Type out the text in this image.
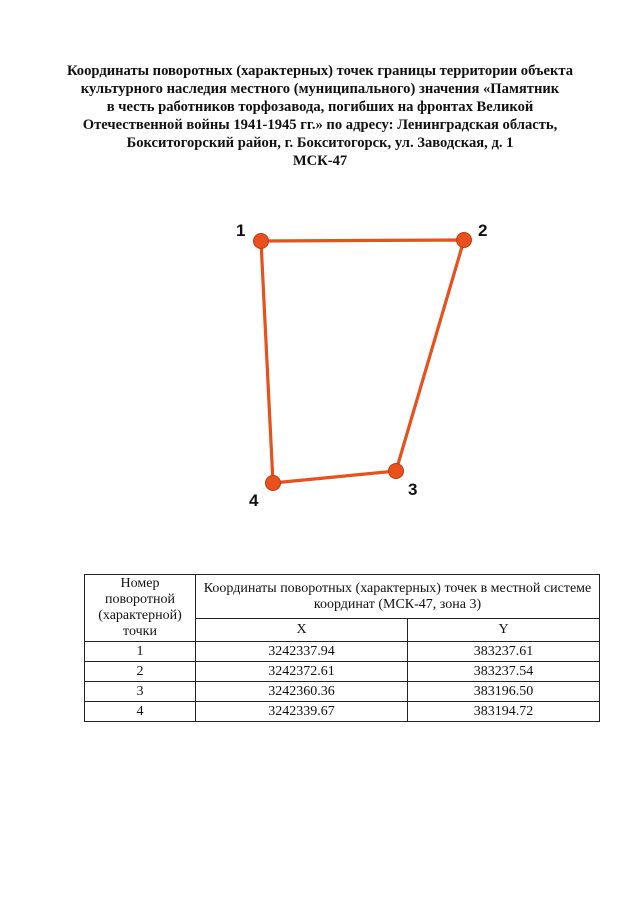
Координаты поворотных (характерных) точек границы территории объекта
культурного наследия местного (муниципального) значения «Памятник
в честь работников торфозавода, погибших на фронтах Великой
Отечественной войны 1941-1945 гг.» по адресу: Ленинградская область,
Бокситогорский район, г. Бокситогорск, ул. Заводская, д. 1
МСК-47
1	2
3
4
Номер поворотной (характерной) точки	Координаты поворотных (характерных) точек в местной системе координат (МСК-47, зона 3)	
	X	Y
1	3242337.94	383237.61
2	3242372.61	383237.54
3	3242360.36	383196.50
4	3242339.67	383194.72
